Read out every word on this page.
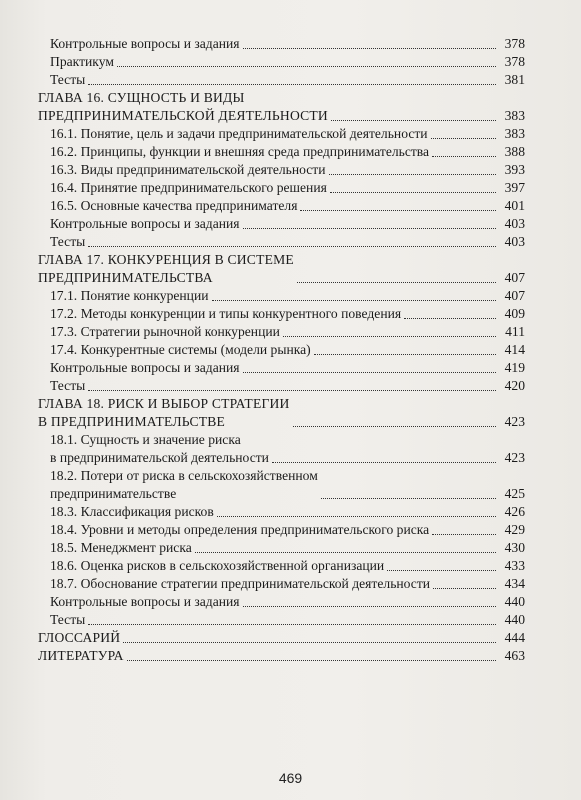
Контрольные вопросы и задания	378
Практикум	378
Тесты	381
ГЛАВА 16. СУЩНОСТЬ И ВИДЫ
ПРЕДПРИНИМАТЕЛЬСКОЙ ДЕЯТЕЛЬНОСТИ	383
16.1. Понятие, цель и задачи предпринимательской деятельности	383
16.2. Принципы, функции и внешняя среда предпринимательства	388
16.3. Виды предпринимательской деятельности	393
16.4. Принятие предпринимательского решения	397
16.5. Основные качества предпринимателя	401
Контрольные вопросы и задания	403
Тесты	403
ГЛАВА 17. КОНКУРЕНЦИЯ В СИСТЕМЕ
ПРЕДПРИНИМАТЕЛЬСТВА	407
17.1. Понятие конкуренции	407
17.2. Методы конкуренции и типы конкурентного поведения	409
17.3. Стратегии рыночной конкуренции	411
17.4. Конкурентные системы (модели рынка)	414
Контрольные вопросы и задания	419
Тесты	420
ГЛАВА 18. РИСК И ВЫБОР СТРАТЕГИИ
В ПРЕДПРИНИМАТЕЛЬСТВЕ	423
18.1. Сущность и значение риска
в предпринимательской деятельности	423
18.2. Потери от риска в сельскохозяйственном
предпринимательстве	425
18.3. Классификация рисков	426
18.4. Уровни и методы определения предпринимательского риска	429
18.5. Менеджмент риска	430
18.6. Оценка рисков в сельскохозяйственной организации	433
18.7. Обоснование стратегии предпринимательской деятельности	434
Контрольные вопросы и задания	440
Тесты	440
ГЛОССАРИЙ	444
ЛИТЕРАТУРА	463
469
